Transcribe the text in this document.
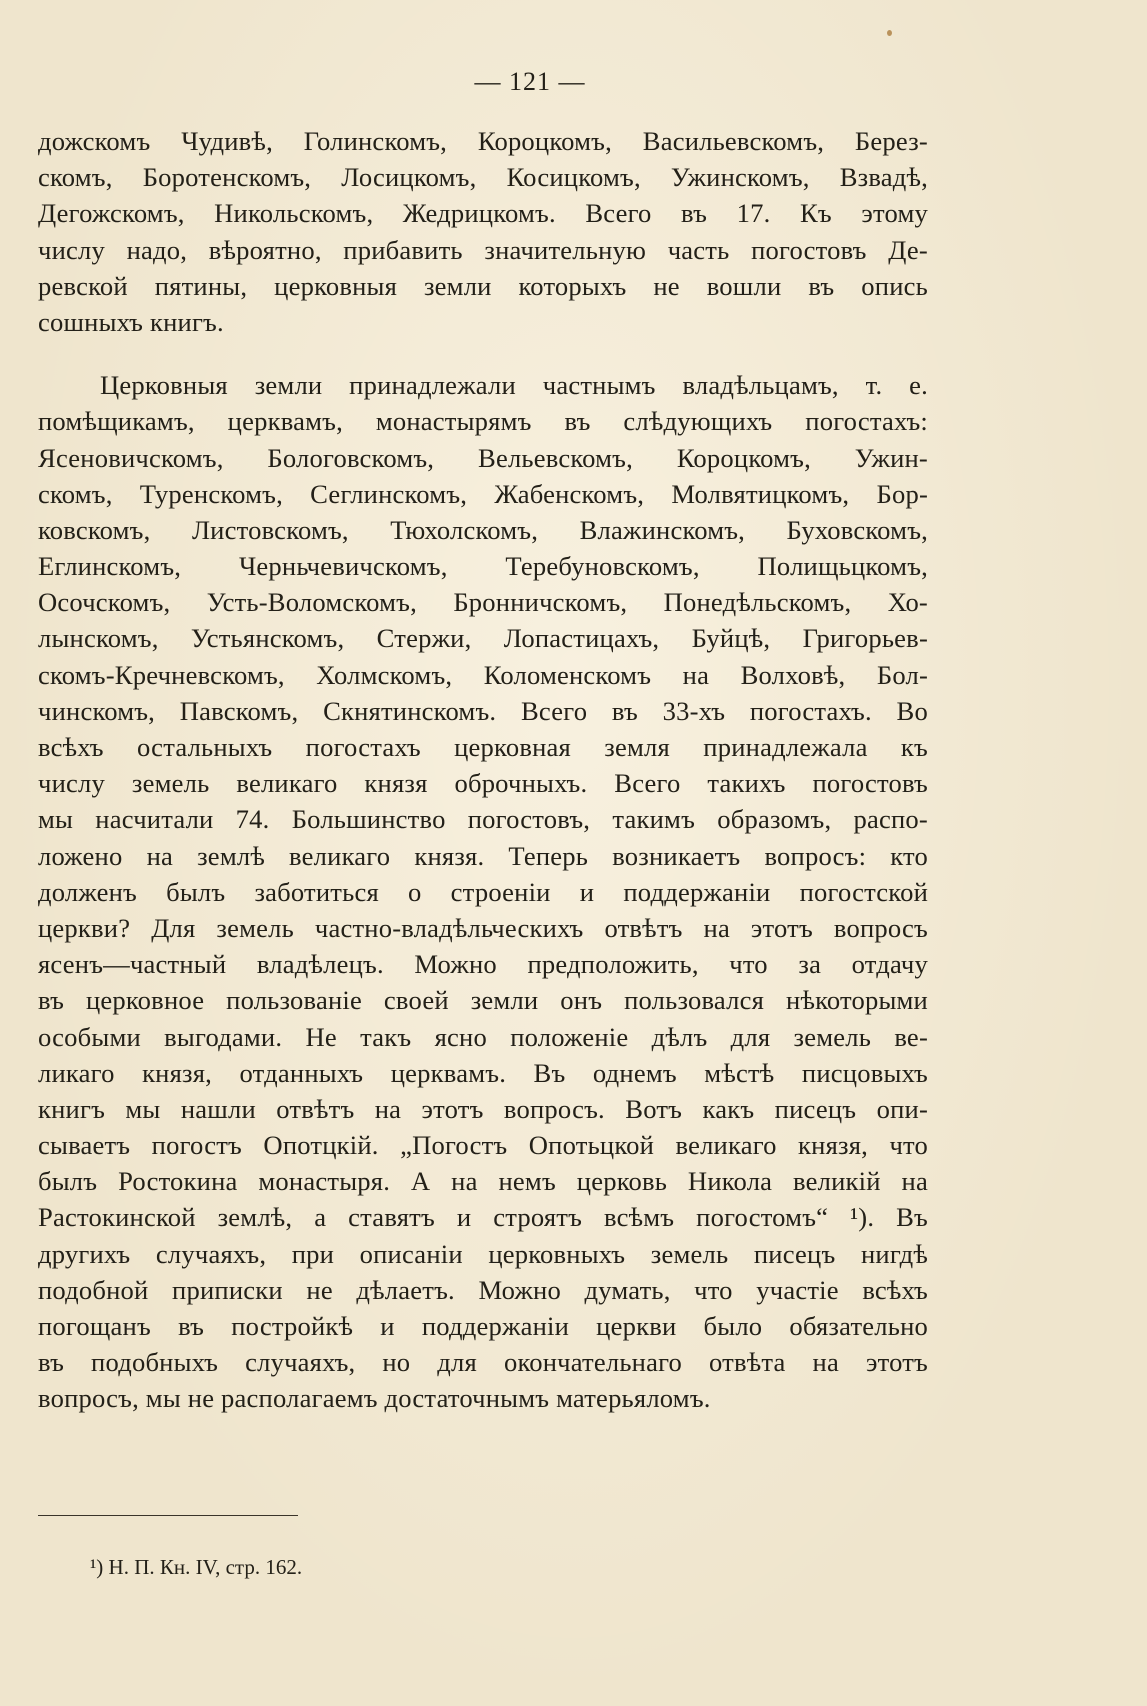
— 121 —
дожскомъ Чудивѣ, Голинскомъ, Короцкомъ, Васильевскомъ, Берез-
скомъ, Боротенскомъ, Лосицкомъ, Косицкомъ, Ужинскомъ, Взвадѣ,
Дегожскомъ, Никольскомъ, Жедрицкомъ. Всего въ 17. Къ этому
числу надо, вѣроятно, прибавить значительную часть погостовъ Де-
ревской пятины, церковныя земли которыхъ не вошли въ опись
сошныхъ книгъ.
Церковныя земли принадлежали частнымъ владѣльцамъ, т. е.
помѣщикамъ, церквамъ, монастырямъ въ слѣдующихъ погостахъ:
Ясеновичскомъ, Бологовскомъ, Вельевскомъ, Короцкомъ, Ужин-
скомъ, Туренскомъ, Сеглинскомъ, Жабенскомъ, Молвятицкомъ, Бор-
ковскомъ, Листовскомъ, Тюхолскомъ, Влажинскомъ, Буховскомъ,
Еглинскомъ, Черньчевичскомъ, Теребуновскомъ, Полищьцкомъ,
Осочскомъ, Усть-Воломскомъ, Бронничскомъ, Понедѣльскомъ, Хо-
лынскомъ, Устьянскомъ, Стержи, Лопастицахъ, Буйцѣ, Григорьев-
скомъ-Кречневскомъ, Холмскомъ, Коломенскомъ на Волховѣ, Бол-
чинскомъ, Павскомъ, Скнятинскомъ. Всего въ 33-хъ погостахъ. Во
всѣхъ остальныхъ погостахъ церковная земля принадлежала къ
числу земель великаго князя оброчныхъ. Всего такихъ погостовъ
мы насчитали 74. Большинство погостовъ, такимъ образомъ, распо-
ложено на землѣ великаго князя. Теперь возникаетъ вопросъ: кто
долженъ былъ заботиться о строеніи и поддержаніи погостской
церкви? Для земель частно-владѣльческихъ отвѣтъ на этотъ вопросъ
ясенъ—частный владѣлецъ. Можно предположить, что за отдачу
въ церковное пользованіе своей земли онъ пользовался нѣкоторыми
особыми выгодами. Не такъ ясно положеніе дѣлъ для земель ве-
ликаго князя, отданныхъ церквамъ. Въ однемъ мѣстѣ писцовыхъ
книгъ мы нашли отвѣтъ на этотъ вопросъ. Вотъ какъ писецъ опи-
сываетъ погостъ Опотцкій. „Погостъ Опотьцкой великаго князя, что
былъ Ростокина монастыря. А на немъ церковь Никола великій на
Растокинской землѣ, а ставятъ и строятъ всѣмъ погостомъ“ ¹). Въ
другихъ случаяхъ, при описаніи церковныхъ земель писецъ нигдѣ
подобной приписки не дѣлаетъ. Можно думать, что участіе всѣхъ
погощанъ въ постройкѣ и поддержаніи церкви было обязательно
въ подобныхъ случаяхъ, но для окончательнаго отвѣта на этотъ
вопросъ, мы не располагаемъ достаточнымъ матерьяломъ.
¹) Н. П. Кн. IV, стр. 162.
